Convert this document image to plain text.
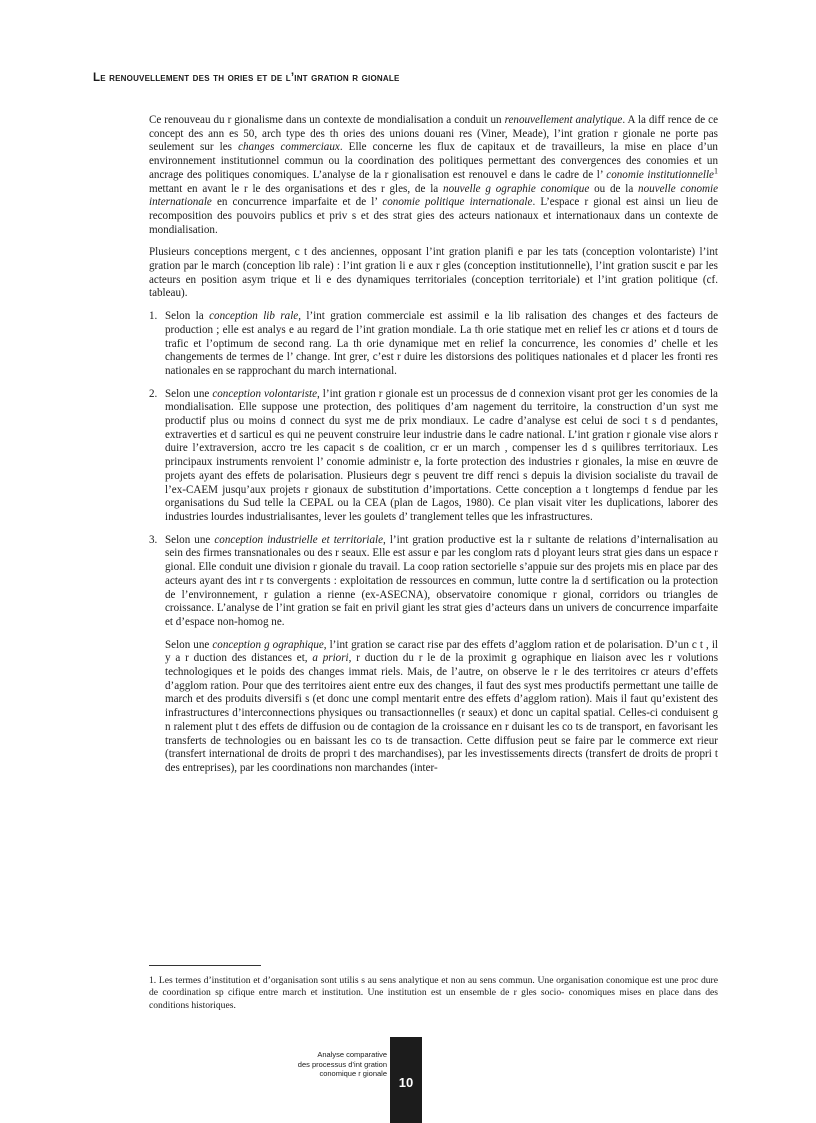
Le renouvellement des th ories et de l’int gration r gionale

Ce renouveau du r gionalisme dans un contexte de mondialisation a conduit un renouvellement analytique. A la diff rence de ce concept des ann es 50, arch type des th ories des unions douani res (Viner, Meade), l’int gration r gionale ne porte pas seulement sur les changes commerciaux. Elle concerne les flux de capitaux et de travailleurs, la mise en place d’un environnement institutionnel commun ou la coordination des politiques permettant des convergences des conomies et un ancrage des politiques conomiques. L’analyse de la r gionalisation est renouvel e dans le cadre de l’ conomie institutionnelle$^1$ mettant en avant le r le des organisations et des r gles, de la nouvelle g ographie conomique ou de la nouvelle conomie internationale en concurrence imparfaite et de l’ conomie politique internationale. L’espace r gional est ainsi un lieu de recomposition des pouvoirs publics et priv s et des strat gies des acteurs nationaux et internationaux dans un contexte de mondialisation.

Plusieurs conceptions mergent, c t des anciennes, opposant l’int gration planifi e par les tats (conception volontariste) l’int gration par le march (conception lib rale) : l’int gration li e aux r gles (conception institutionnelle), l’int gration suscit e par les acteurs en position asym trique et li e des dynamiques territoriales (conception territoriale) et l’int gration politique (cf. tableau).

1. Selon la conception lib rale, l’int gration commerciale est assimil e la lib ralisation des changes et des facteurs de production ; elle est analys e au regard de l’int gration mondiale. La th orie statique met en relief les cr ations et d tours de trafic et l’optimum de second rang. La th orie dynamique met en relief la concurrence, les conomies d’ chelle et les changements de termes de l’ change. Int grer, c’est r duire les distorsions des politiques nationales et d placer les fronti res nationales en se rapprochant du march international.
2. Selon une conception volontariste, l’int gration r gionale est un processus de d connexion visant prot ger les conomies de la mondialisation. Elle suppose une protection, des politiques d’am nagement du territoire, la construction d’un syst me productif plus ou moins d connect du syst me de prix mondiaux. Le cadre d’analyse est celui de soci t s d pendantes, extraverties et d sarticul es qui ne peuvent construire leur industrie dans le cadre national. L’int gration r gionale vise alors r duire l’extraversion, accro tre les capacit s de coalition, cr er un march , compenser les d s quilibres territoriaux. Les principaux instruments renvoient l’ conomie administr e, la forte protection des industries r gionales, la mise en œuvre de projets ayant des effets de polarisation. Plusieurs degr s peuvent tre diff renci s depuis la division socialiste du travail de l’ex-CAEM jusqu’aux projets r gionaux de substitution d’importations. Cette conception a t longtemps d fendue par les organisations du Sud telle la CEPAL ou la CEA (plan de Lagos, 1980). Ce plan visait viter les duplications, laborer des industries lourdes industrialisantes, lever les goulets d’ tranglement telles que les infrastructures.
3. Selon une conception industrielle et territoriale, l’int gration productive est la r sultante de relations d’internalisation au sein des firmes transnationales ou des r seaux. Elle est assur e par les conglom rats d ployant leurs strat gies dans un espace r gional. Elle conduit une division r gionale du travail. La coop ration sectorielle s’appuie sur des projets mis en place par des acteurs ayant des int r ts convergents : exploitation de ressources en commun, lutte contre la d sertification ou la protection de l’environnement, r gulation a rienne (ex-ASECNA), observatoire conomique r gional, corridors ou triangles de croissance. L’analyse de l’int gration se fait en privil giant les strat gies d’acteurs dans un univers de concurrence imparfaite et d’espace non-homog ne.

Selon une conception g ographique, l’int gration se caract rise par des effets d’agglom ration et de polarisation. D’un c t , il y a r duction des distances et, a priori, r duction du r le de la proximit g ographique en liaison avec les r volutions technologiques et le poids des changes immat riels. Mais, de l’autre, on observe le r le des territoires cr ateurs d’effets d’agglom ration. Pour que des territoires aient entre eux des changes, il faut des syst mes productifs permettant une taille de march et des produits diversifi s (et donc une compl mentarit entre des effets d’agglom ration). Mais il faut qu’existent des infrastructures d’interconnections physiques ou transactionnelles (r seaux) et donc un capital spatial. Celles-ci conduisent g n ralement plut t des effets de diffusion ou de contagion de la croissance en r duisant les co ts de transport, en favorisant les transferts de technologies ou en baissant les co ts de transaction. Cette diffusion peut se faire par le commerce ext rieur (transfert international de droits de propri t des marchandises), par les investissements directs (transfert de droits de propri t des entreprises), par les coordinations non marchandes (inter-

1. Les termes d’institution et d’organisation sont utilis s au sens analytique et non au sens commun. Une organisation conomique est une proc dure de coordination sp cifique entre march et institution. Une institution est un ensemble de r gles socio- conomiques mises en place dans des conditions historiques.
Analyse comparative
des processus d’int gration
conomique r gionale
10
